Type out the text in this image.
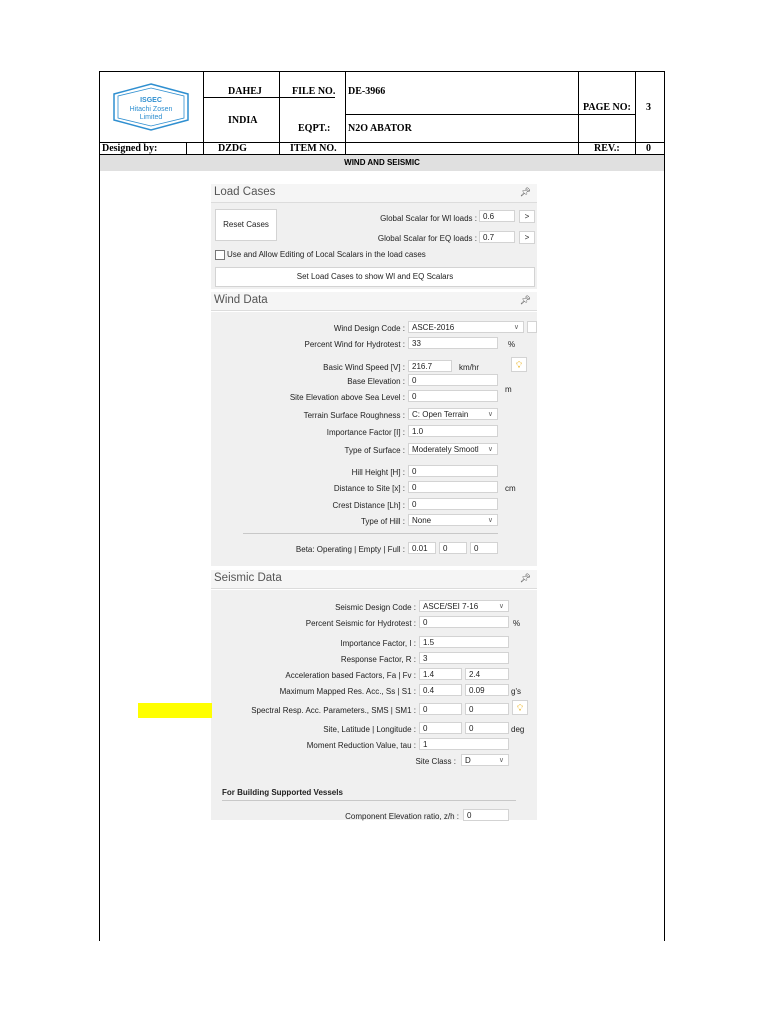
ISGEC
Hitachi Zosen
Limited
DAHEJ
INDIA
FILE NO. DE-3966
EQPT.: N2O ABATOR
PAGE NO: 3
Designed by:	DZDG	ITEM NO.	REV.:	0
WIND AND SEISMIC
Load Cases	📌︎
Reset Cases
Global Scalar for Wl loads : 0.6	>
Global Scalar for EQ loads : 0.7	>
Use and Allow Editing of Local Scalars in the load cases
Set Load Cases to show Wl and EQ Scalars
Wind Data	📌︎
Wind Design Code : ASCE-2016 ∨
Percent Wind for Hydrotest : 33	%
Basic Wind Speed [V] : 216.7	km/hr	💡︎
Base Elevation : 0
Site Elevation above Sea Level : 0
m
Terrain Surface Roughness : C: Open Terrain ∨
Importance Factor [I] : 1.0
Type of Surface : Moderately Smootl ∨
Hill Height [H] : 0
Distance to Site [x] : 0	cm
Crest Distance [Lh] : 0
Type of Hill : None ∨
Beta: Operating | Empty | Full : 0.01	0	0
Seismic Data	📌︎
Seismic Design Code : ASCE/SEI 7-16 ∨
Percent Seismic for Hydrotest : 0	%
Importance Factor, I : 1.5
Response Factor, R : 3
Acceleration based Factors, Fa | Fv : 1.4	2.4
Maximum Mapped Res. Acc., Ss | S1 : 0.4	0.09	g's
Spectral Resp. Acc. Parameters., SMS | SM1 : 0	0	💡︎
Site, Latitude | Longitude : 0	0	deg
Moment Reduction Value, tau : 1
Site Class :	D ∨
For Building Supported Vessels
Component Elevation ratio, z/h :	0
